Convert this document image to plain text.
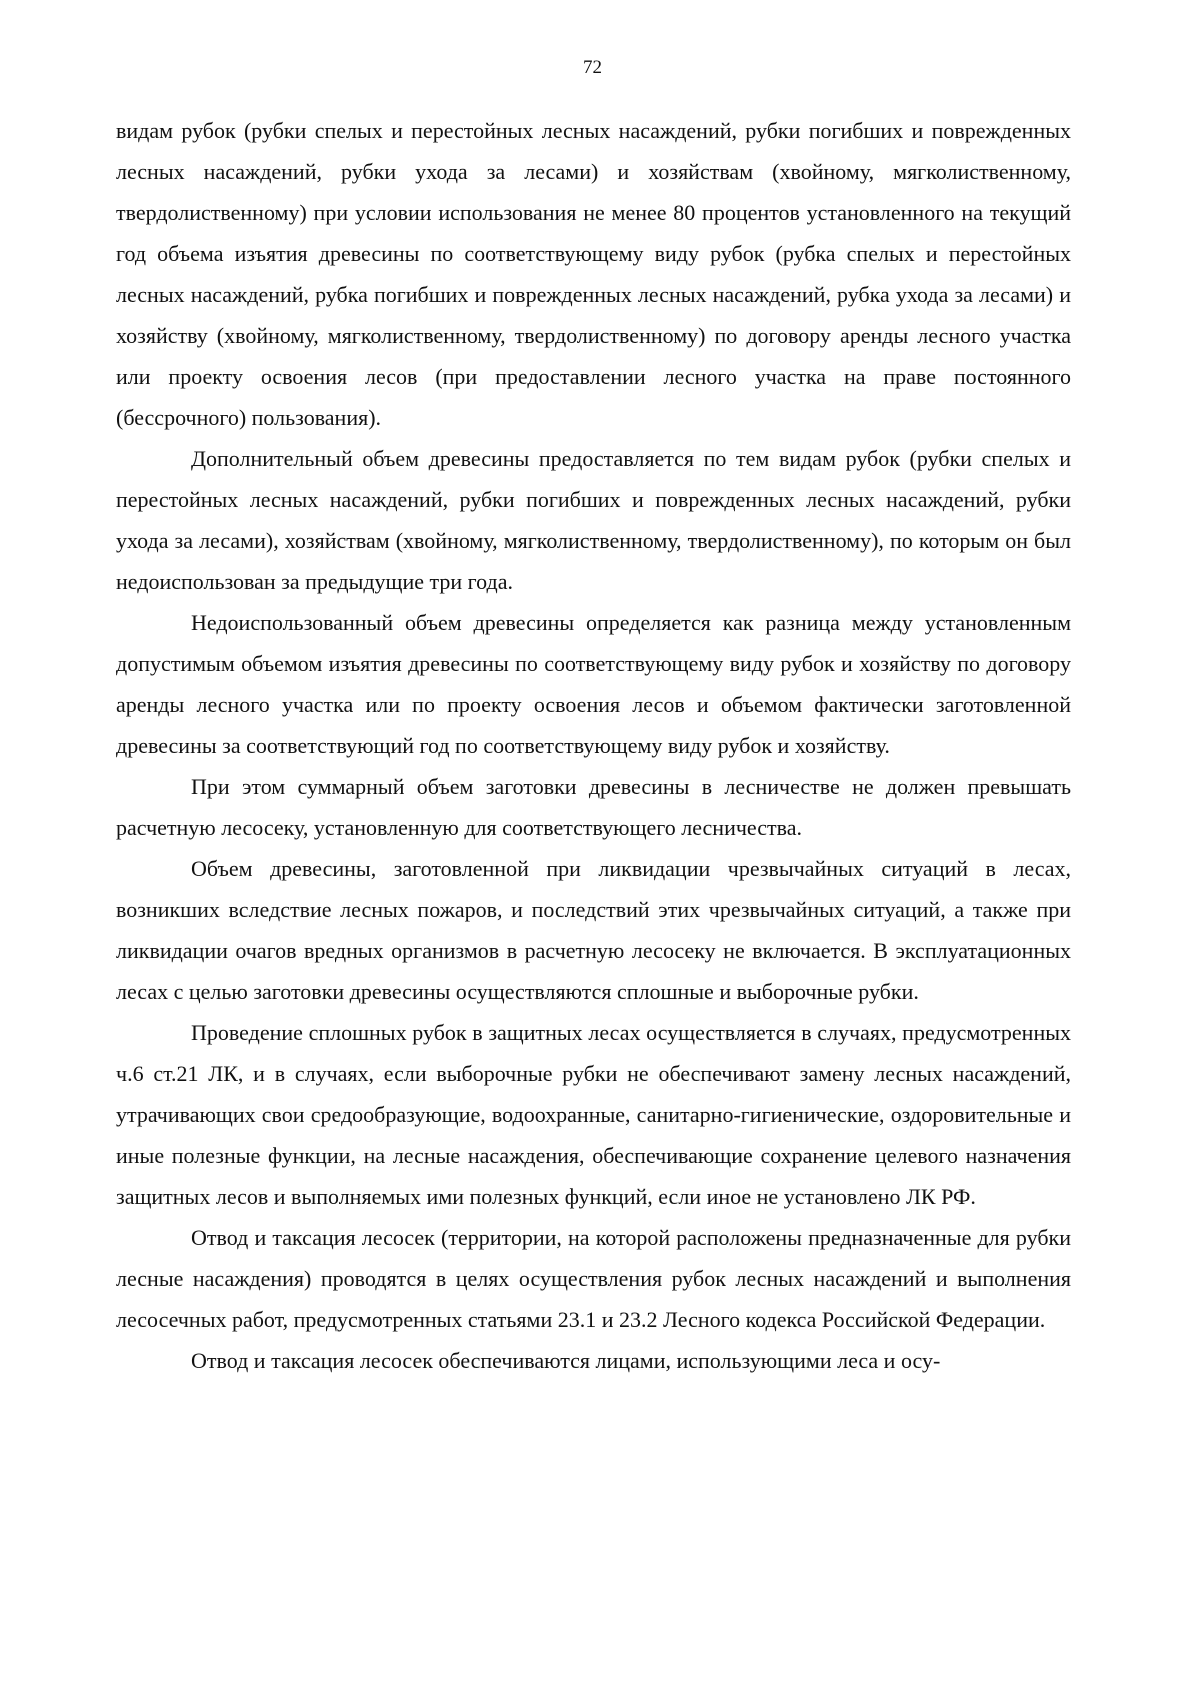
72

видам рубок (рубки спелых и перестойных лесных насаждений, рубки погибших и поврежденных лесных насаждений, рубки ухода за лесами) и хозяйствам (хвойному, мягколиственному, твердолиственному) при условии использования не менее 80 процентов установленного на текущий год объема изъятия древесины по соответствующему виду рубок (рубка спелых и перестойных лесных насаждений, рубка погибших и поврежденных лесных насаждений, рубка ухода за лесами) и хозяйству (хвойному, мягколиственному, твердолиственному) по договору аренды лесного участка или проекту освоения лесов (при предоставлении лесного участка на праве постоянного (бессрочного) пользования).

Дополнительный объем древесины предоставляется по тем видам рубок (рубки спелых и перестойных лесных насаждений, рубки погибших и поврежденных лесных насаждений, рубки ухода за лесами), хозяйствам (хвойному, мягколиственному, твердолиственному), по которым он был недоиспользован за предыдущие три года.

Недоиспользованный объем древесины определяется как разница между установленным допустимым объемом изъятия древесины по соответствующему виду рубок и хозяйству по договору аренды лесного участка или по проекту освоения лесов и объемом фактически заготовленной древесины за соответствующий год по соответствующему виду рубок и хозяйству.

При этом суммарный объем заготовки древесины в лесничестве не должен превышать расчетную лесосеку, установленную для соответствующего лесничества.

Объем древесины, заготовленной при ликвидации чрезвычайных ситуаций в лесах, возникших вследствие лесных пожаров, и последствий этих чрезвычайных ситуаций, а также при ликвидации очагов вредных организмов в расчетную лесосеку не включается. В эксплуатационных лесах с целью заготовки древесины осуществляются сплошные и выборочные рубки.

Проведение сплошных рубок в защитных лесах осуществляется в случаях, предусмотренных ч.6 ст.21 ЛК, и в случаях, если выборочные рубки не обеспечивают замену лесных насаждений, утрачивающих свои средообразующие, водоохранные, санитарно-гигиенические, оздоровительные и иные полезные функции, на лесные насаждения, обеспечивающие сохранение целевого назначения защитных лесов и выполняемых ими полезных функций, если иное не установлено ЛК РФ.

Отвод и таксация лесосек (территории, на которой расположены предназначенные для рубки лесные насаждения) проводятся в целях осуществления рубок лесных насаждений и выполнения лесосечных работ, предусмотренных статьями 23.1 и 23.2 Лесного кодекса Российской Федерации.

Отвод и таксация лесосек обеспечиваются лицами, использующими леса и осу-
